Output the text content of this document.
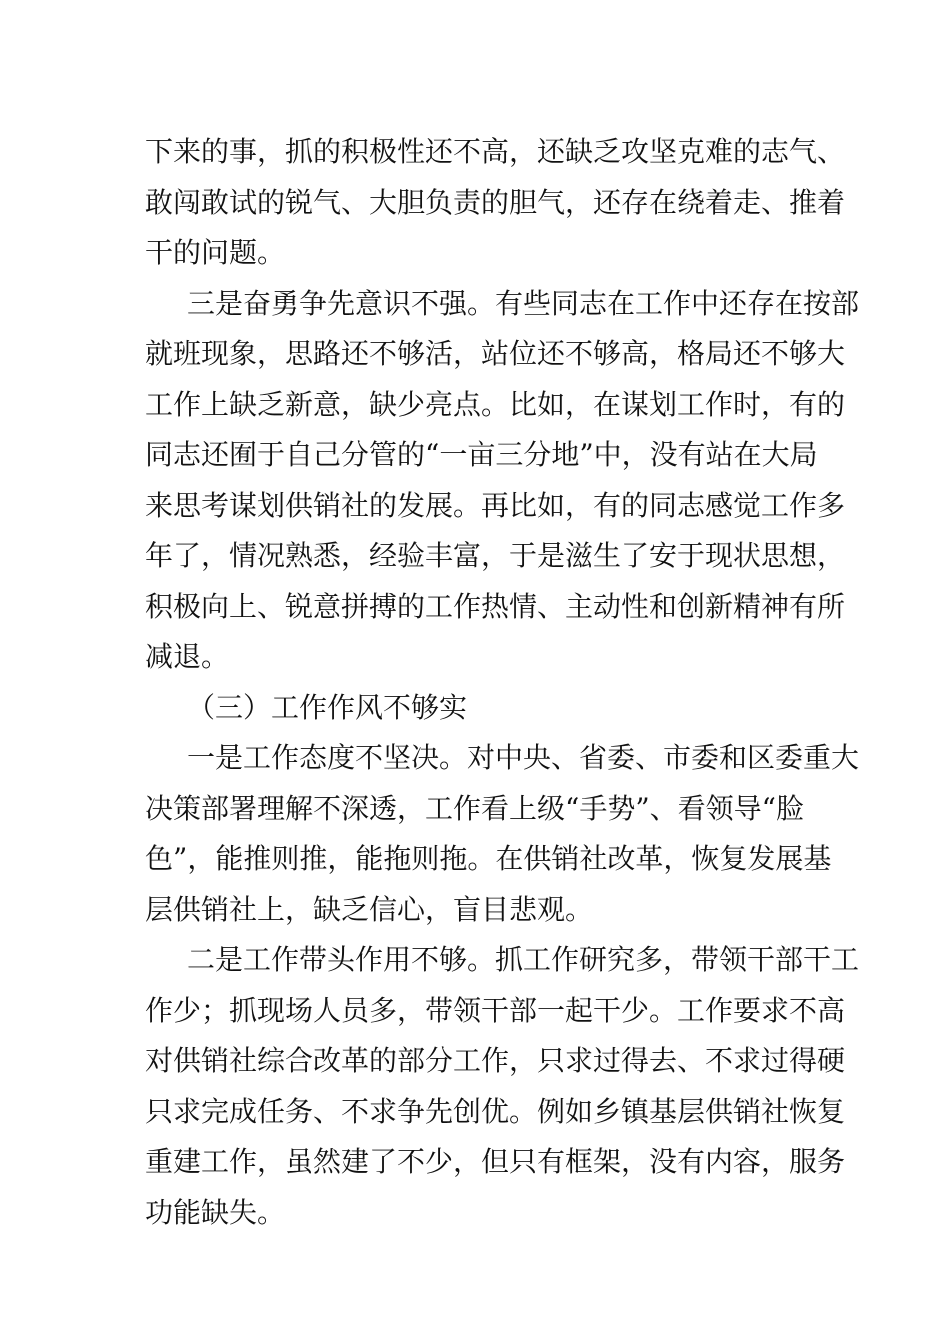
下来的事，抓的积极性还不高，还缺乏攻坚克难的志气、
敢闯敢试的锐气、大胆负责的胆气，还存在绕着走、推着
干的问题。
三是奋勇争先意识不强。有些同志在工作中还存在按部
就班现象，思路还不够活，站位还不够高，格局还不够大
工作上缺乏新意，缺少亮点。比如，在谋划工作时，有的
同志还囿于自己分管的“一亩三分地”中，没有站在大局
来思考谋划供销社的发展。再比如，有的同志感觉工作多
年了，情况熟悉，经验丰富，于是滋生了安于现状思想，
积极向上、锐意拼搏的工作热情、主动性和创新精神有所
减退。
（三）工作作风不够实
一是工作态度不坚决。对中央、省委、市委和区委重大
决策部署理解不深透，工作看上级“手势”、看领导“脸
色”，能推则推，能拖则拖。在供销社改革，恢复发展基
层供销社上，缺乏信心，盲目悲观。
二是工作带头作用不够。抓工作研究多，带领干部干工
作少；抓现场人员多，带领干部一起干少。工作要求不高
对供销社综合改革的部分工作，只求过得去、不求过得硬
只求完成任务、不求争先创优。例如乡镇基层供销社恢复
重建工作，虽然建了不少，但只有框架，没有内容，服务
功能缺失。
